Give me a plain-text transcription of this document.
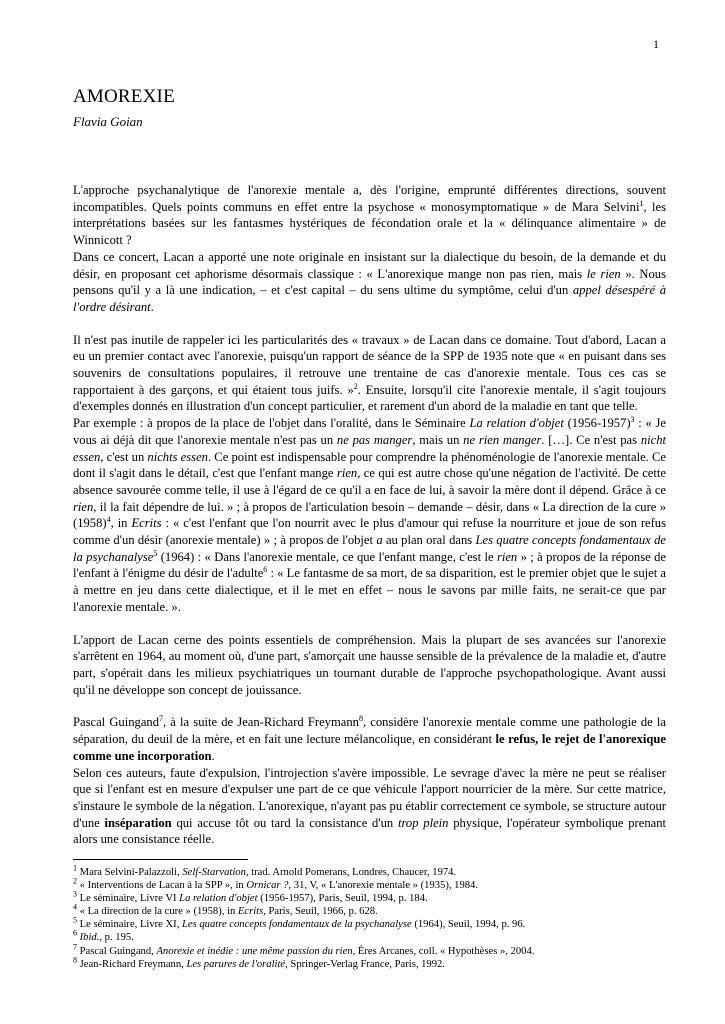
1
AMOREXIE
Flavia Goian

L'approche psychanalytique de l'anorexie mentale a, dès l'origine, emprunté différentes directions, souvent incompatibles. Quels points communs en effet entre la psychose « monosymptomatique » de Mara Selvini$^1$, les interprétations basées sur les fantasmes hystériques de fécondation orale et la « délinquance alimentaire » de Winnicott ?

Dans ce concert, Lacan a apporté une note originale en insistant sur la dialectique du besoin, de la demande et du désir, en proposant cet aphorisme désormais classique : « L'anorexique mange non pas rien, mais le rien ». Nous pensons qu'il y a là une indication, – et c'est capital – du sens ultime du symptôme, celui d'un appel désespéré à l'ordre désirant.

Il n'est pas inutile de rappeler ici les particularités des « travaux » de Lacan dans ce domaine. Tout d'abord, Lacan a eu un premier contact avec l'anorexie, puisqu'un rapport de séance de la SPP de 1935 note que « en puisant dans ses souvenirs de consultations populaires, il retrouve une trentaine de cas d'anorexie mentale. Tous ces cas se rapportaient à des garçons, et qui étaient tous juifs. »$^2$. Ensuite, lorsqu'il cite l'anorexie mentale, il s'agit toujours d'exemples donnés en illustration d'un concept particulier, et rarement d'un abord de la maladie en tant que telle.

Par exemple : à propos de la place de l'objet dans l'oralité, dans le Séminaire La relation d'objet (1956-1957)$^3$ : « Je vous ai déjà dit que l'anorexie mentale n'est pas un ne pas manger, mais un ne rien manger. […]. Ce n'est pas nicht essen, c'est un nichts essen. Ce point est indispensable pour comprendre la phénoménologie de l'anorexie mentale. Ce dont il s'agit dans le détail, c'est que l'enfant mange rien, ce qui est autre chose qu'une négation de l'activité. De cette absence savourée comme telle, il use à l'égard de ce qu'il a en face de lui, à savoir la mère dont il dépend. Grâce à ce rien, il la fait dépendre de lui. » ; à propos de l'articulation besoin – demande – désir, dans « La direction de la cure » $(1958)^4$, in Ecrits : « c'est l'enfant que l'on nourrit avec le plus d'amour qui refuse la nourriture et joue de son refus comme d'un désir (anorexie mentale) » ; à propos de l'objet a au plan oral dans Les quatre concepts fondamentaux de la psychanalyse$^5$ (1964) : « Dans l'anorexie mentale, ce que l'enfant mange, c'est le rien » ; à propos de la réponse de l'enfant à l'énigme du désir de l'adulte$^6$ : « Le fantasme de sa mort, de sa disparition, est le premier objet que le sujet a à mettre en jeu dans cette dialectique, et il le met en effet – nous le savons par mille faits, ne serait-ce que par l'anorexie mentale. ».

L'apport de Lacan cerne des points essentiels de compréhension. Mais la plupart de ses avancées sur l'anorexie s'arrêtent en 1964, au moment où, d'une part, s'amorçait une hausse sensible de la prévalence de la maladie et, d'autre part, s'opérait dans les milieux psychiatriques un tournant durable de l'approche psychopathologique. Avant aussi qu'il ne développe son concept de jouissance.

Pascal Guingand$^7$, à la suite de Jean-Richard Freymann$^8$, considère l'anorexie mentale comme une pathologie de la séparation, du deuil de la mère, et en fait une lecture mélancolique, en considérant le refus, le rejet de l'anorexique comme une incorporation.

Selon ces auteurs, faute d'expulsion, l'introjection s'avère impossible. Le sevrage d'avec la mère ne peut se réaliser que si l'enfant est en mesure d'expulser une part de ce que véhicule l'apport nourricier de la mère. Sur cette matrice, s'instaure le symbole de la négation. L'anorexique, n'ayant pas pu établir correctement ce symbole, se structure autour d'une inséparation qui accuse tôt ou tard la consistance d'un trop plein physique, l'opérateur symbolique prenant alors une consistance réelle.

$^1$ Mara Selvini-Palazzoli, Self-Starvation, trad. Arnold Pomerans, Londres, Chaucer, 1974.
$^2$ « Interventions de Lacan à la SPP », in Ornicar ?, 31, V, « L'anorexie mentale » (1935), 1984.
$^3$ Le séminaire, Livre VI La relation d'objet (1956-1957), Paris, Seuil, 1994, p. 184.
$^4$ « La direction de la cure » (1958), in Ecrits, Paris, Seuil, 1966, p. 628.
$^5$ Le séminaire, Livre XI, Les quatre concepts fondamentaux de la psychanalyse (1964), Seuil, 1994, p. 96.
$^6$ Ibid., p. 195.
$^7$ Pascal Guingand, Anorexie et inédie : une même passion du rien, Éres Arcanes, coll. « Hypothèses », 2004.
$^8$ Jean-Richard Freymann, Les parures de l'oralité, Springer-Verlag France, Paris, 1992.
